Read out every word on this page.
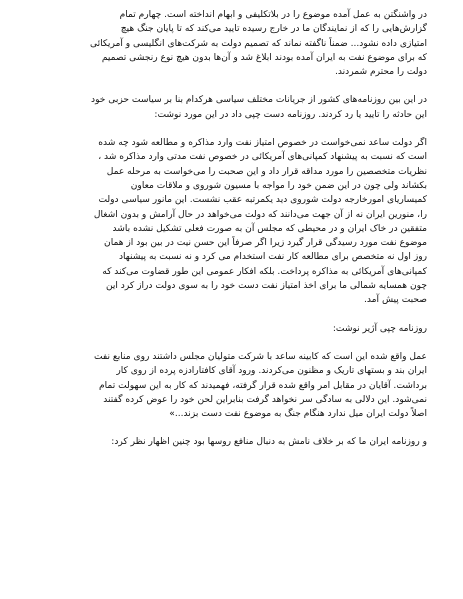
در واشنگتن به عمل آمده موضوع را در بلاتکلیفی و ابهام انداخته است. چهارم تمام
گزارش‌هایی را که از نمایندگان ما در خارج رسیده تایید می‌کند که تا پایان جنگ هیچ
امتیازی داده نشود... ضمناً ناگفته نماند که تصمیم دولت به شرکت‌های انگلیسی و آمریکائی
که برای موضوع نفت به ایران آمده بودند ابلاغ شد و آن‌ها بدون هیچ نوع رنجشی تصمیم
دولت را محترم شمردند.
در این بین روزنامه‌های کشور از جریانات مختلف سیاسی هرکدام بنا بر سیاست حزبی خود
این حادثه را تایید یا رد کردند. روزنامه دست چپی داد در این مورد نوشت:
اگر دولت ساعد نمی‌خواست در خصوص امتیاز نفت وارد مذاکره و مطالعه شود چه شده
است که نسبت به پیشنهاد کمپانی‌های آمریکائی در خصوص نفت مدتی وارد مذاکره شد ،
نظریات متخصصین را مورد مداقه قرار داد و این صحبت را می‌خواست به مرحله عمل
بکشاند ولی چون در این ضمن خود را مواجه با مسیون شوروی و ملاقات معاون
کمیساریای امورخارجه دولت شوروی دید یکمرتبه عقب نشست. این مانور سیاسی دولت
را، منورین ایران نه از آن جهت می‌دانند که دولت می‌خواهد در حال آرامش و بدون اشغال
متفقین در خاک ایران و در محیطی که مجلس آن به صورت فعلی تشکیل نشده باشد
موضوع نفت مورد رسیدگی قرار گیرد زیرا اگر صرفاً این حسن نیت در بین بود از همان
روز اول نه متخصص برای مطالعه کار نفت استخدام می کرد و نه نسبت به پیشنهاد
کمپانی‌های آمریکائی به مذاکره پرداخت. بلکه افکار عمومی این طور قضاوت می‌کند که
چون همسایه شمالی ما برای اخذ امتیاز نفت دست خود را به سوی دولت دراز کرد این
صحبت پیش آمد.
روزنامه چپی آژیر نوشت:
عمل واقع شده این است که کابینه ساعد با شرکت متولیان مجلس داشتند روی منابع نفت
ایران بند و بستهای تاریک و مظنون می‌کردند. ورود آقای کافتارادزه پرده از روی کار
برداشت. آقایان در مقابل امر واقع شده قرار گرفته، فهمیدند که کار به این سهولت تمام
نمی‌شود. این دلالی به سادگی سر نخواهد گرفت بنابراین لحن خود را عوض کرده گفتند
اصلاً دولت ایران میل ندارد هنگام جنگ به موضوع نفت دست بزند...»
و روزنامه ایران ما که بر خلاف نامش به دنبال منافع روسها بود چنین اظهار نظر کرد:
